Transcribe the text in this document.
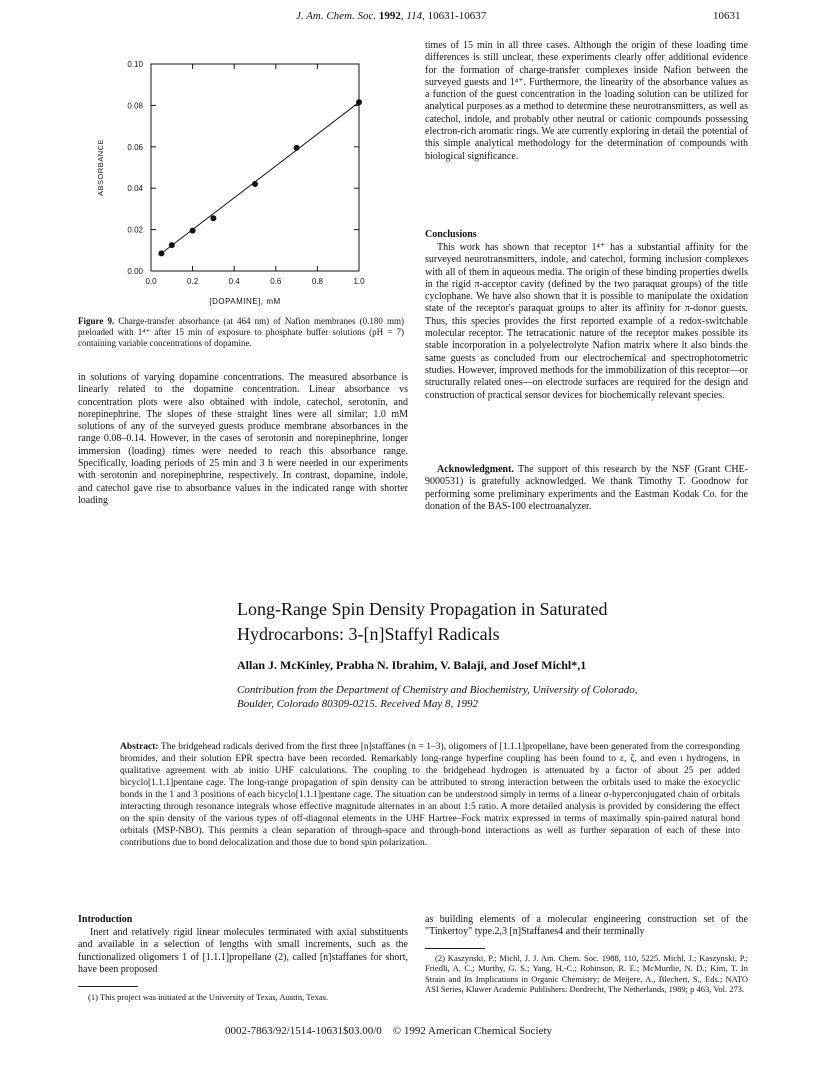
J. Am. Chem. Soc. 1992, 114, 10631-10637	10631
0.0	0.2	0.4	0.6	0.8	1.0
0.00
0.02
0.04
0.06
0.08
0.10
[DOPAMINE], mM
ABSORBANCE
Figure 9. Charge-transfer absorbance (at 464 nm) of Nafion membranes (0.180 mm) preloaded with 1⁴⁺ after 15 min of exposure to phosphate buffer solutions (pH = 7) containing variable concentrations of dopamine.
in solutions of varying dopamine concentrations. The measured absorbance is linearly related to the dopamine concentration. Linear absorbance vs concentration plots were also obtained with indole, catechol, serotonin, and norepinephrine. The slopes of these straight lines were all similar; 1.0 mM solutions of any of the surveyed guests produce membrane absorbances in the range 0.08–0.14. However, in the cases of serotonin and norepinephrine, longer immersion (loading) times were needed to reach this absorbance range. Specifically, loading periods of 25 min and 3 h were needed in our experiments with serotonin and norepinephrine, respectively. In contrast, dopamine, indole, and catechol gave rise to absorbance values in the indicated range with shorter loading
times of 15 min in all three cases. Although the origin of these loading time differences is still unclear, these experiments clearly offer additional evidence for the formation of charge-transfer complexes inside Nafion between the surveyed guests and 1⁴⁺. Furthermore, the linearity of the absorbance values as a function of the guest concentration in the loading solution can be utilized for analytical purposes as a method to determine these neurotransmitters, as well as catechol, indole, and probably other neutral or cationic compounds possessing electron-rich aromatic rings. We are currently exploring in detail the potential of this simple analytical methodology for the determination of compounds with biological significance.
Conclusions
This work has shown that receptor 1⁴⁺ has a substantial affinity for the surveyed neurotransmitters, indole, and catechol, forming inclusion complexes with all of them in aqueous media. The origin of these binding properties dwells in the rigid π-acceptor cavity (defined by the two paraquat groups) of the title cyclophane. We have also shown that it is possible to manipulate the oxidation state of the receptor's paraquat groups to alter its affinity for π-donor guests. Thus, this species provides the first reported example of a redox-switchable molecular receptor. The tetracationic nature of the receptor makes possible its stable incorporation in a polyelectrolyte Nafion matrix where it also binds the same guests as concluded from our electrochemical and spectrophotometric studies. However, improved methods for the immobilization of this receptor—or structurally related ones—on electrode surfaces are required for the design and construction of practical sensor devices for biochemically relevant species.
Acknowledgment. The support of this research by the NSF (Grant CHE-9000531) is gratefully acknowledged. We thank Timothy T. Goodnow for performing some preliminary experiments and the Eastman Kodak Co. for the donation of the BAS-100 electroanalyzer.
Long-Range Spin Density Propagation in Saturated
Hydrocarbons: 3-[n]Staffyl Radicals
Allan J. McKinley, Prabha N. Ibrahim, V. Balaji, and Josef Michl*,1
Contribution from the Department of Chemistry and Biochemistry, University of Colorado,
Boulder, Colorado 80309-0215. Received May 8, 1992
Abstract: The bridgehead radicals derived from the first three [n]staffanes (n = 1–3), oligomers of [1.1.1]propellane, have been generated from the corresponding bromides, and their solution EPR spectra have been recorded. Remarkably long-range hyperfine coupling has been found to ε, ζ, and even ι hydrogens, in qualitative agreement with ab initio UHF calculations. The coupling to the bridgehead hydrogen is attenuated by a factor of about 25 per added bicyclo[1.1.1]pentane cage. The long-range propagation of spin density can be attributed to strong interaction between the orbitals used to make the exocyclic bonds in the 1 and 3 positions of each bicyclo[1.1.1]pentane cage. The situation can be understood simply in terms of a linear σ-hyperconjugated chain of orbitals interacting through resonance integrals whose effective magnitude alternates in an about 1:5 ratio. A more detailed analysis is provided by considering the effect on the spin density of the various types of off-diagonal elements in the UHF Hartree–Fock matrix expressed in terms of maximally spin-paired natural bond orbitals (MSP-NBO). This permits a clean separation of through-space and through-bond interactions as well as further separation of each of these into contributions due to bond delocalization and those due to bond spin polarization.
Introduction
Inert and relatively rigid linear molecules terminated with axial substituents and available in a selection of lengths with small increments, such as the functionalized oligomers 1 of [1.1.1]propellane (2), called [n]staffanes for short, have been proposed
as building elements of a molecular engineering construction set of the "Tinkertoy" type.2,3 [n]Staffanes4 and their terminally
(1) This project was initiated at the University of Texas, Austin, Texas.
(2) Kaszynski, P.; Michl, J. J. Am. Chem. Soc. 1988, 110, 5225. Michl, J.; Kaszynski, P.; Friedli, A. C.; Murthy, G. S.; Yang, H.-C.; Robinson, R. E.; McMurdie, N. D.; Kim, T. In Strain and Its Implications in Organic Chemistry; de Meijere, A., Blechert, S., Eds.; NATO ASI Series, Kluwer Academic Publishers: Dordrecht, The Netherlands, 1989; p 463, Vol. 273.
0002-7863/92/1514-10631$03.00/0 © 1992 American Chemical Society
